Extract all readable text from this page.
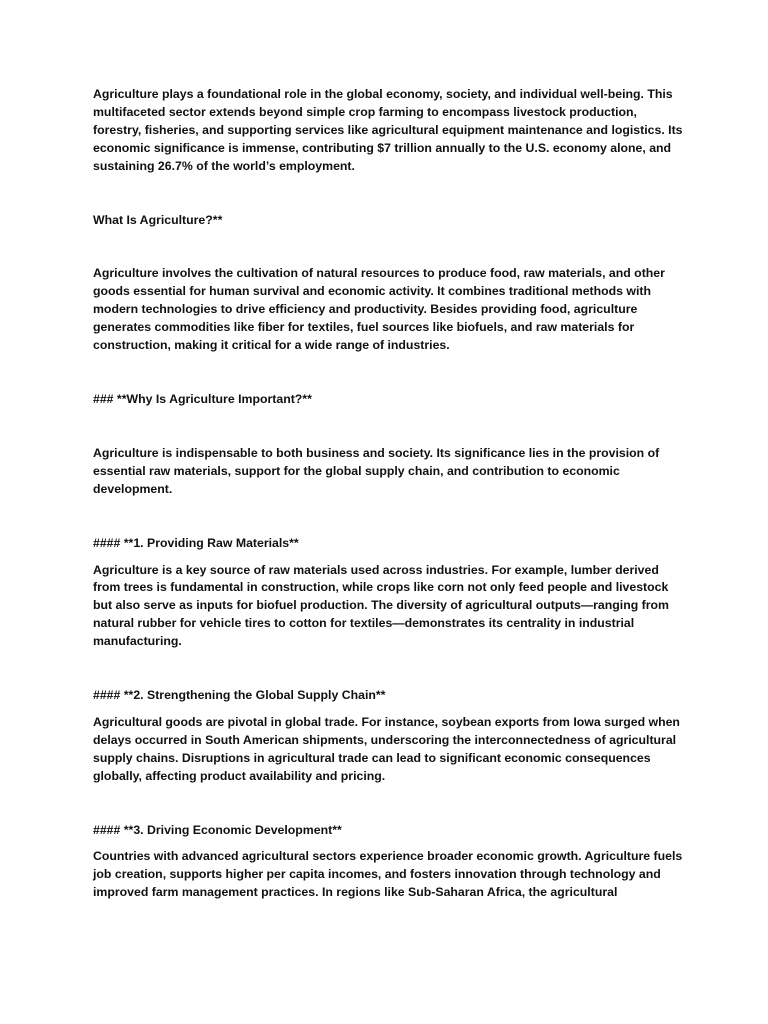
Agriculture plays a foundational role in the global economy, society, and individual well-being. This multifaceted sector extends beyond simple crop farming to encompass livestock production, forestry, fisheries, and supporting services like agricultural equipment maintenance and logistics. Its economic significance is immense, contributing $7 trillion annually to the U.S. economy alone, and sustaining 26.7% of the world’s employment.

What Is Agriculture?**

Agriculture involves the cultivation of natural resources to produce food, raw materials, and other goods essential for human survival and economic activity. It combines traditional methods with modern technologies to drive efficiency and productivity. Besides providing food, agriculture generates commodities like fiber for textiles, fuel sources like biofuels, and raw materials for construction, making it critical for a wide range of industries.

### **Why Is Agriculture Important?**

Agriculture is indispensable to both business and society. Its significance lies in the provision of essential raw materials, support for the global supply chain, and contribution to economic development.

#### **1. Providing Raw Materials**

Agriculture is a key source of raw materials used across industries. For example, lumber derived from trees is fundamental in construction, while crops like corn not only feed people and livestock but also serve as inputs for biofuel production. The diversity of agricultural outputs—ranging from natural rubber for vehicle tires to cotton for textiles—demonstrates its centrality in industrial manufacturing.

#### **2. Strengthening the Global Supply Chain**

Agricultural goods are pivotal in global trade. For instance, soybean exports from Iowa surged when delays occurred in South American shipments, underscoring the interconnectedness of agricultural supply chains. Disruptions in agricultural trade can lead to significant economic consequences globally, affecting product availability and pricing.

#### **3. Driving Economic Development**

Countries with advanced agricultural sectors experience broader economic growth. Agriculture fuels job creation, supports higher per capita incomes, and fosters innovation through technology and improved farm management practices. In regions like Sub-Saharan Africa, the agricultural
